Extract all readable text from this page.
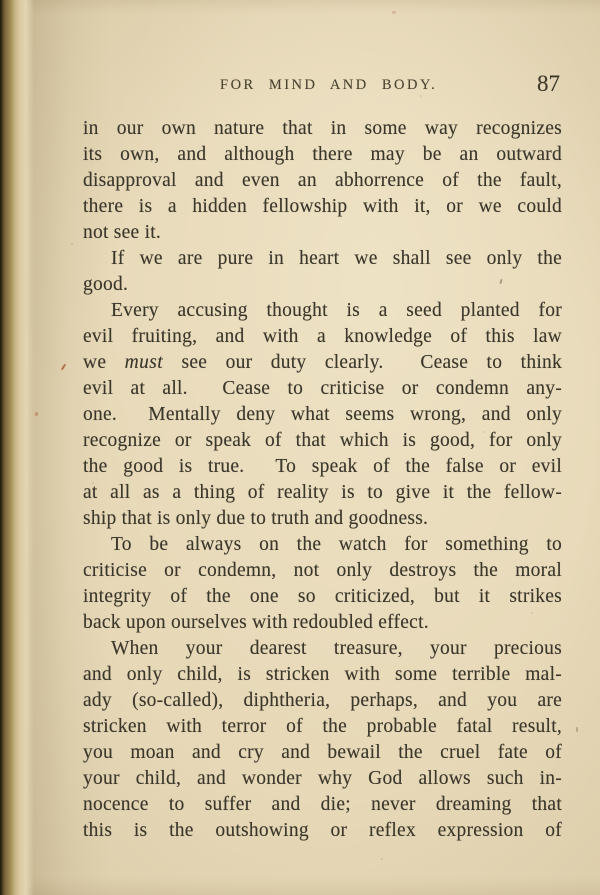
FOR MIND AND BODY.	87
in our own nature that in some way recognizes
its own, and although there may be an outward
disapproval and even an abhorrence of the fault,
there is a hidden fellowship with it, or we could
not see it.
If we are pure in heart we shall see only the
good.
Every accusing thought is a seed planted for
evil fruiting, and with a knowledge of this law
we must see our duty clearly.  Cease to think
evil at all.  Cease to criticise or condemn any-
one.  Mentally deny what seems wrong, and only
recognize or speak of that which is good, for only
the good is true.  To speak of the false or evil
at all as a thing of reality is to give it the fellow-
ship that is only due to truth and goodness.
To be always on the watch for something to
criticise or condemn, not only destroys the moral
integrity of the one so criticized, but it strikes
back upon ourselves with redoubled effect.
When your dearest treasure, your precious
and only child, is stricken with some terrible mal-
ady (so-called), diphtheria, perhaps, and you are
stricken with terror of the probable fatal result,
you moan and cry and bewail the cruel fate of
your child, and wonder why God allows such in-
nocence to suffer and die; never dreaming that
this is the outshowing or reflex expression of
